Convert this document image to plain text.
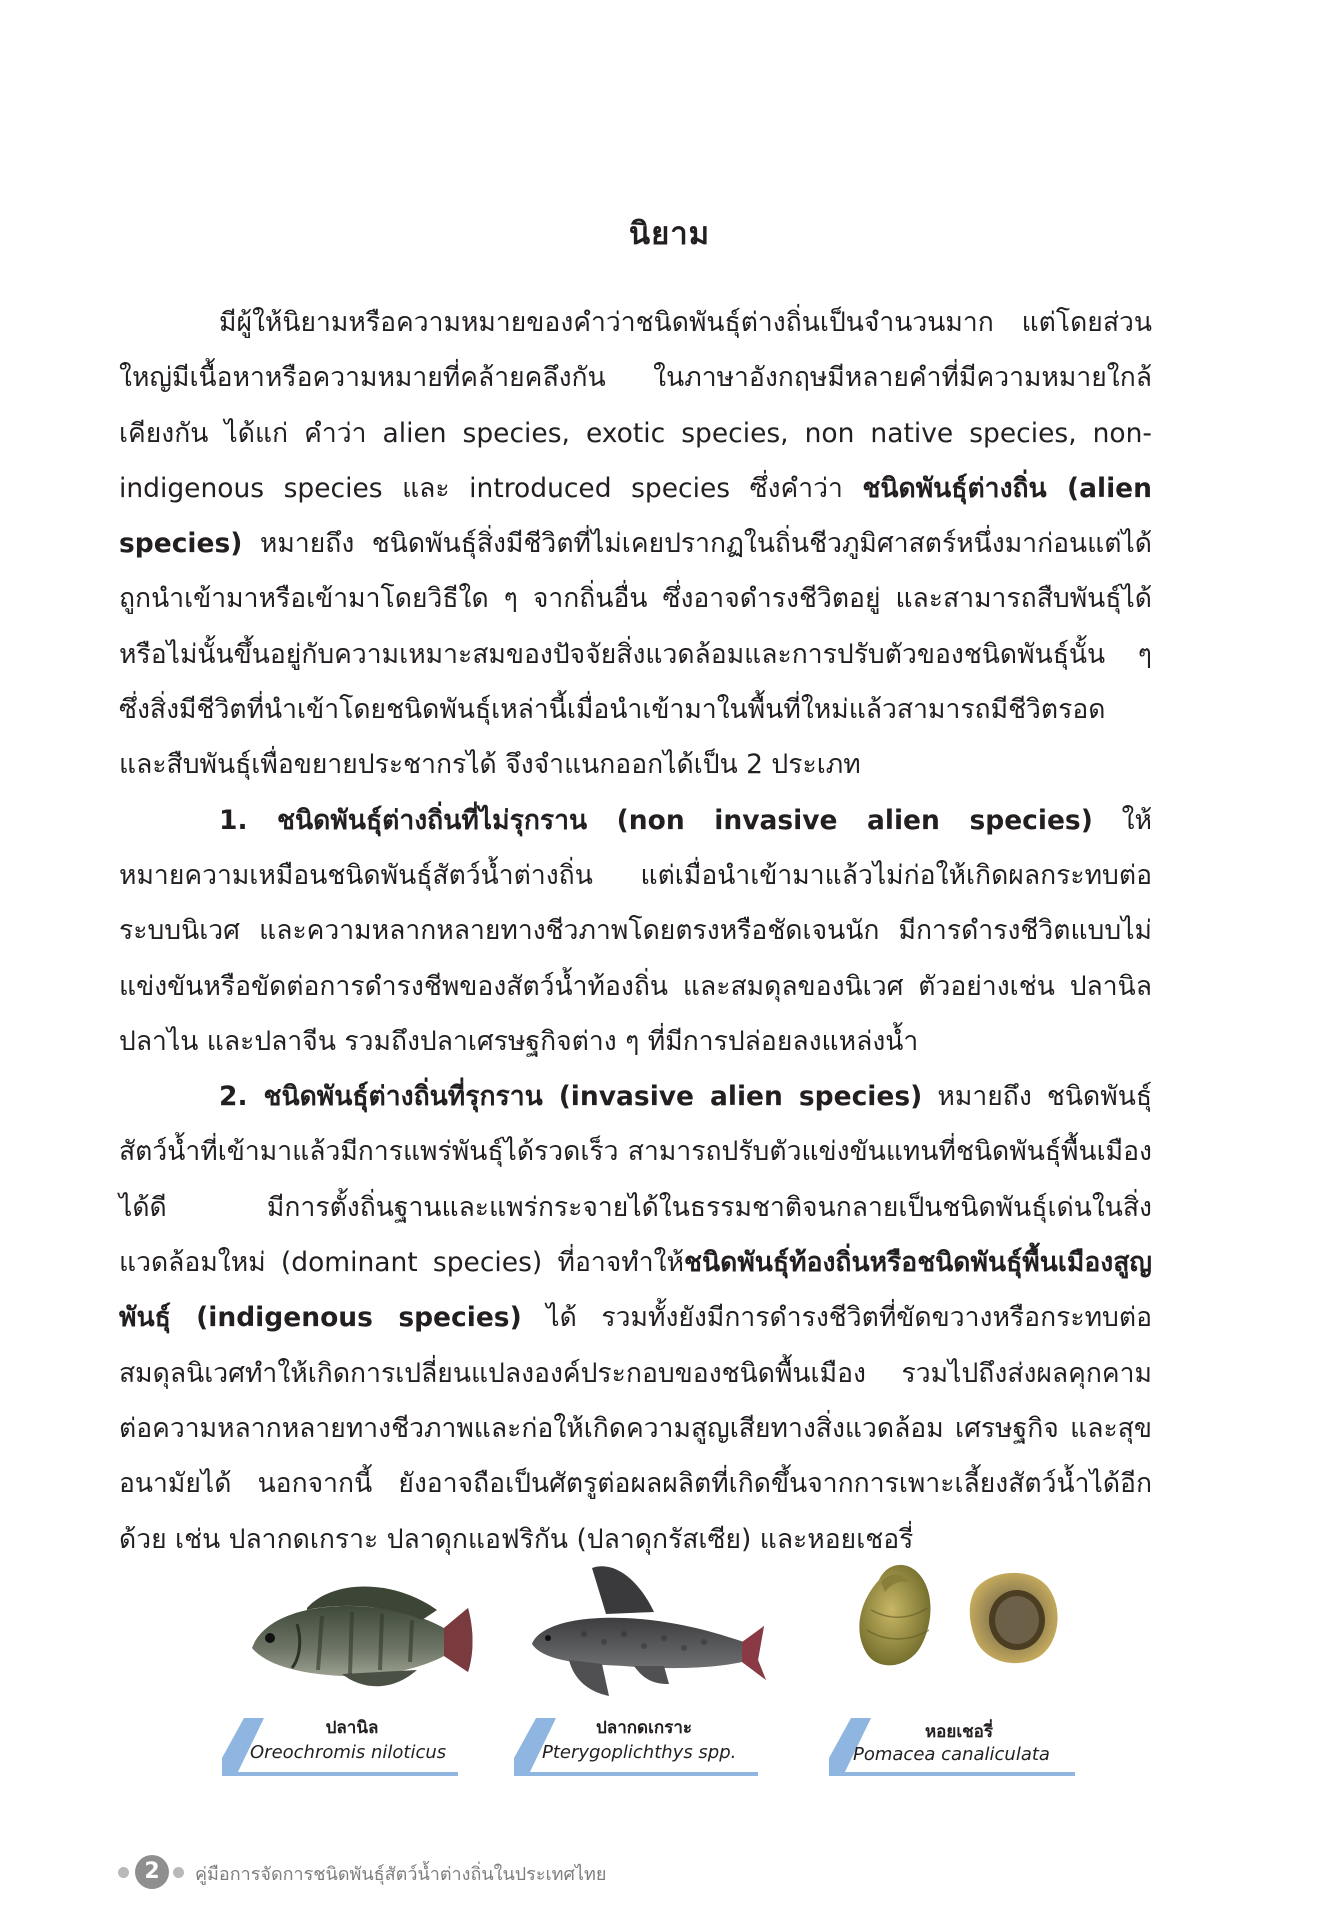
นิยาม

มีผู้ให้นิยามหรือความหมายของคำว่าชนิดพันธุ์ต่างถิ่นเป็นจำนวนมาก แต่โดยส่วนใหญ่มีเนื้อหาหรือความหมายที่คล้ายคลึงกัน ในภาษาอังกฤษมีหลายคำที่มีความหมายใกล้เคียงกัน ได้แก่ คำว่า alien species, exotic species, non native species, non-indigenous species และ introduced species ซึ่งคำว่า ชนิดพันธุ์ต่างถิ่น (alien species) หมายถึง ชนิดพันธุ์สิ่งมีชีวิตที่ไม่เคยปรากฏในถิ่นชีวภูมิศาสตร์หนึ่งมาก่อนแต่ได้ถูกนำเข้ามาหรือเข้ามาโดยวิธีใด ๆ จากถิ่นอื่น ซึ่งอาจดำรงชีวิตอยู่ และสามารถสืบพันธุ์ได้หรือไม่นั้นขึ้นอยู่กับความเหมาะสมของปัจจัยสิ่งแวดล้อมและการปรับตัวของชนิดพันธุ์นั้น ๆ ซึ่งสิ่งมีชีวิตที่นำเข้าโดยชนิดพันธุ์เหล่านี้เมื่อนำเข้ามาในพื้นที่ใหม่แล้วสามารถมีชีวิตรอดและสืบพันธุ์เพื่อขยายประชากรได้ จึงจำแนกออกได้เป็น 2 ประเภท

1. ชนิดพันธุ์ต่างถิ่นที่ไม่รุกราน (non invasive alien species) ให้หมายความเหมือนชนิดพันธุ์สัตว์น้ำต่างถิ่น แต่เมื่อนำเข้ามาแล้วไม่ก่อให้เกิดผลกระทบต่อระบบนิเวศ และความหลากหลายทางชีวภาพโดยตรงหรือชัดเจนนัก มีการดำรงชีวิตแบบไม่แข่งขันหรือขัดต่อการดำรงชีพของสัตว์น้ำท้องถิ่น และสมดุลของนิเวศ ตัวอย่างเช่น ปลานิล ปลาไน และปลาจีน รวมถึงปลาเศรษฐกิจต่าง ๆ ที่มีการปล่อยลงแหล่งน้ำ

2. ชนิดพันธุ์ต่างถิ่นที่รุกราน (invasive alien species) หมายถึง ชนิดพันธุ์สัตว์น้ำที่เข้ามาแล้วมีการแพร่พันธุ์ได้รวดเร็ว สามารถปรับตัวแข่งขันแทนที่ชนิดพันธุ์พื้นเมืองได้ดี มีการตั้งถิ่นฐานและแพร่กระจายได้ในธรรมชาติจนกลายเป็นชนิดพันธุ์เด่นในสิ่งแวดล้อมใหม่ (dominant species) ที่อาจทำให้ชนิดพันธุ์ท้องถิ่นหรือชนิดพันธุ์พื้นเมืองสูญพันธุ์ (indigenous species) ได้ รวมทั้งยังมีการดำรงชีวิตที่ขัดขวางหรือกระทบต่อสมดุลนิเวศทำให้เกิดการเปลี่ยนแปลงองค์ประกอบของชนิดพื้นเมือง รวมไปถึงส่งผลคุกคามต่อความหลากหลายทางชีวภาพและก่อให้เกิดความสูญเสียทางสิ่งแวดล้อม เศรษฐกิจ และสุขอนามัยได้ นอกจากนี้ ยังอาจถือเป็นศัตรูต่อผลผลิตที่เกิดขึ้นจากการเพาะเลี้ยงสัตว์น้ำได้อีกด้วย เช่น ปลากดเกราะ ปลาดุกแอฟริกัน (ปลาดุกรัสเซีย) และหอยเชอรี่

ปลานิล
Oreochromis niloticus
ปลากดเกราะ
Pterygoplichthys spp.
หอยเชอรี่
Pomacea canaliculata
2	คู่มือการจัดการชนิดพันธุ์สัตว์น้ำต่างถิ่นในประเทศไทย
